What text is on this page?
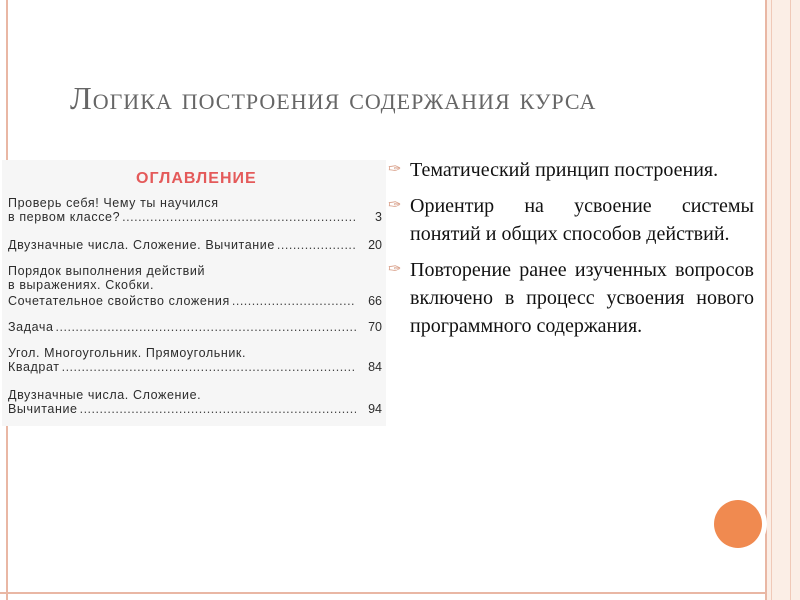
Логика построения содержания курса
ОГЛАВЛЕНИЕ
Проверь себя! Чему ты научился
в первом классе? .....	3
Двузначные числа. Сложение. Вычитание .....	20
Порядок выполнения действий
в выражениях. Скобки.
Сочетательное свойство сложения .....	66
Задача .....	70
Угол. Многоугольник. Прямоугольник.
Квадрат .....	84
Двузначные числа. Сложение.
Вычитание .....	94
✑ Тематический принцип построения.
✑ Ориентир на усвоение системы понятий и общих способов действий.
✑ Повторение ранее изученных вопросов включено в процесс усвоения нового программного содержания.
